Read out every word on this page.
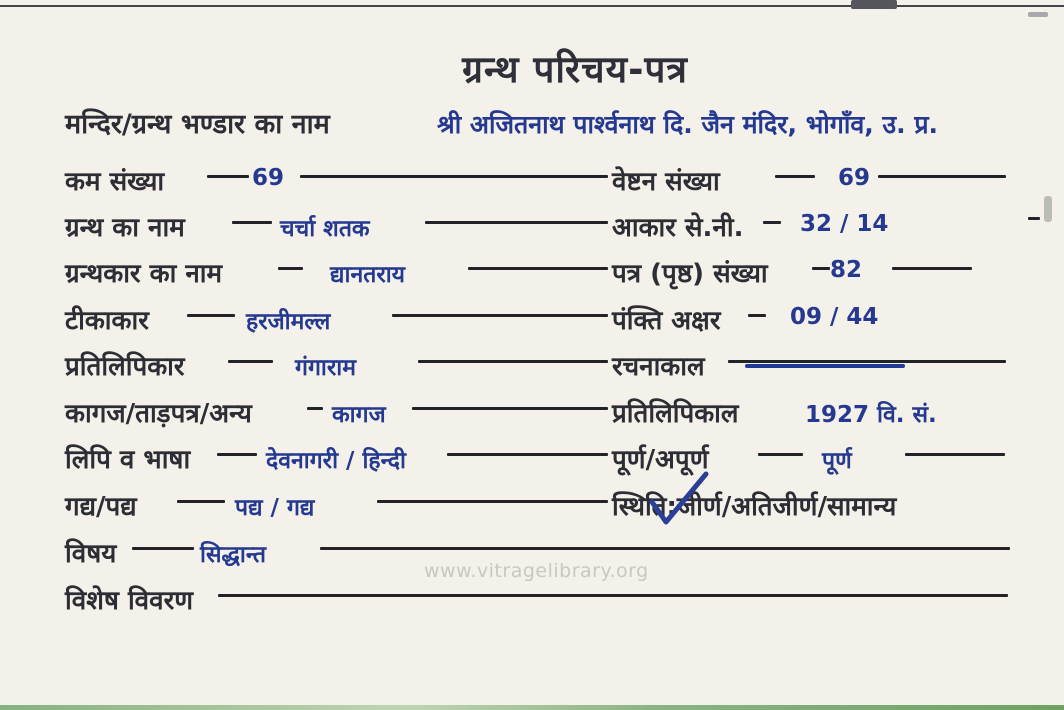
ग्रन्थ परिचय-पत्र
मन्दिर/ग्रन्थ भण्डार का नाम	श्री अजितनाथ पार्श्वनाथ दि. जैन मंदिर, भोगाँव, उ. प्र.
कम संख्या	69	वेष्टन संख्या	69
ग्रन्थ का नाम	चर्चा शतक	आकार से.नी. 32 / 14
ग्रन्थकार का नाम	द्यानतराय	पत्र (पृष्ठ) संख्या	82
टीकाकार	हरजीमल्ल	पंक्ति अक्षर	09 / 44
प्रतिलिपिकार	गंगाराम	रचनाकाल
कागज/ताड़पत्र/अन्य	कागज	प्रतिलिपिकाल	1927 वि. सं.
लिपि व भाषा	देवनागरी / हिन्दी	पूर्ण/अपूर्ण	पूर्ण
गद्य/पद्य	पद्य / गद्य	स्थिति:जीर्ण/अतिजीर्ण/सामान्य
विषय	सिद्धान्त
विशेष विवरण
www.vitragelibrary.org
